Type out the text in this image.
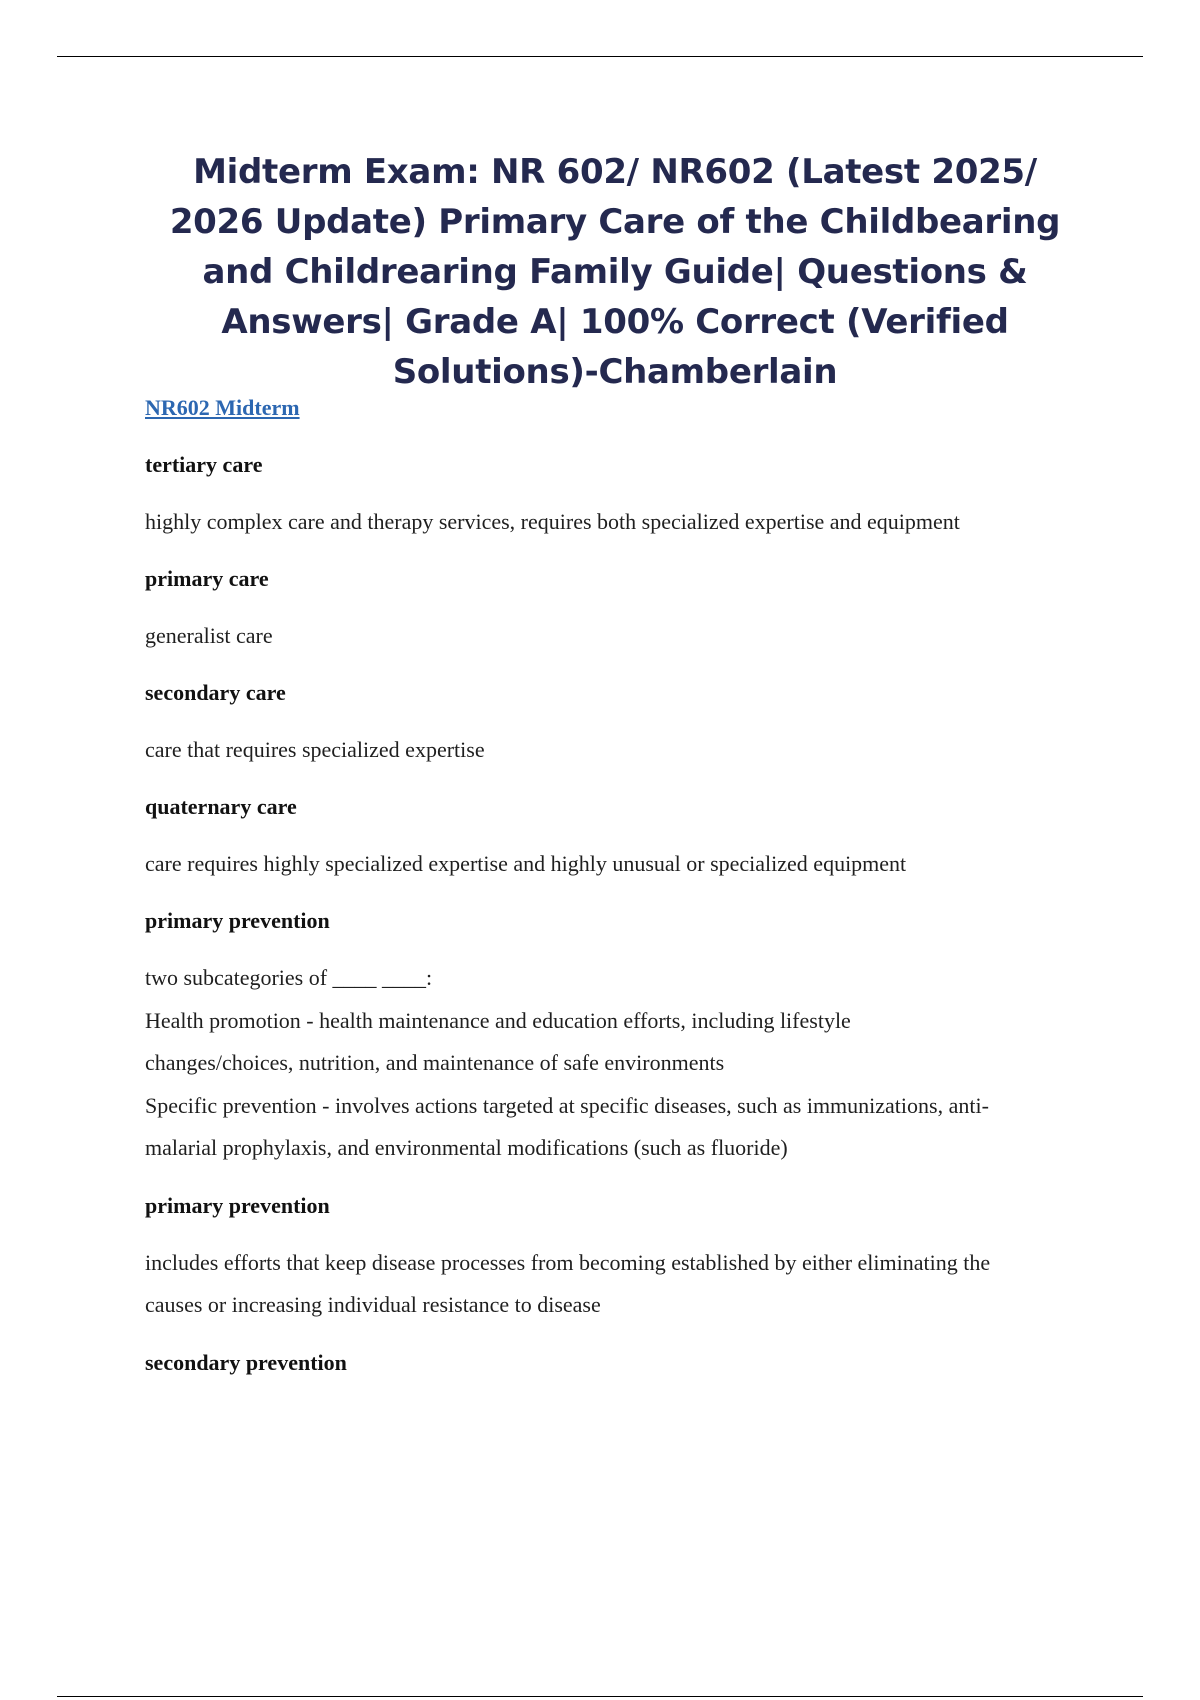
Midterm Exam: NR 602/ NR602 (Latest 2025/ 2026 Update) Primary Care of the Childbearing and Childrearing Family Guide| Questions & Answers| Grade A| 100% Correct (Verified Solutions)-Chamberlain
NR602 Midterm
tertiary care
highly complex care and therapy services, requires both specialized expertise and equipment
primary care
generalist care
secondary care
care that requires specialized expertise
quaternary care
care requires highly specialized expertise and highly unusual or specialized equipment
primary prevention
two subcategories of ____ ____:
Health promotion - health maintenance and education efforts, including lifestyle
changes/choices, nutrition, and maintenance of safe environments
Specific prevention - involves actions targeted at specific diseases, such as immunizations, anti-
malarial prophylaxis, and environmental modifications (such as fluoride)
primary prevention
includes efforts that keep disease processes from becoming established by either eliminating the
causes or increasing individual resistance to disease
secondary prevention
